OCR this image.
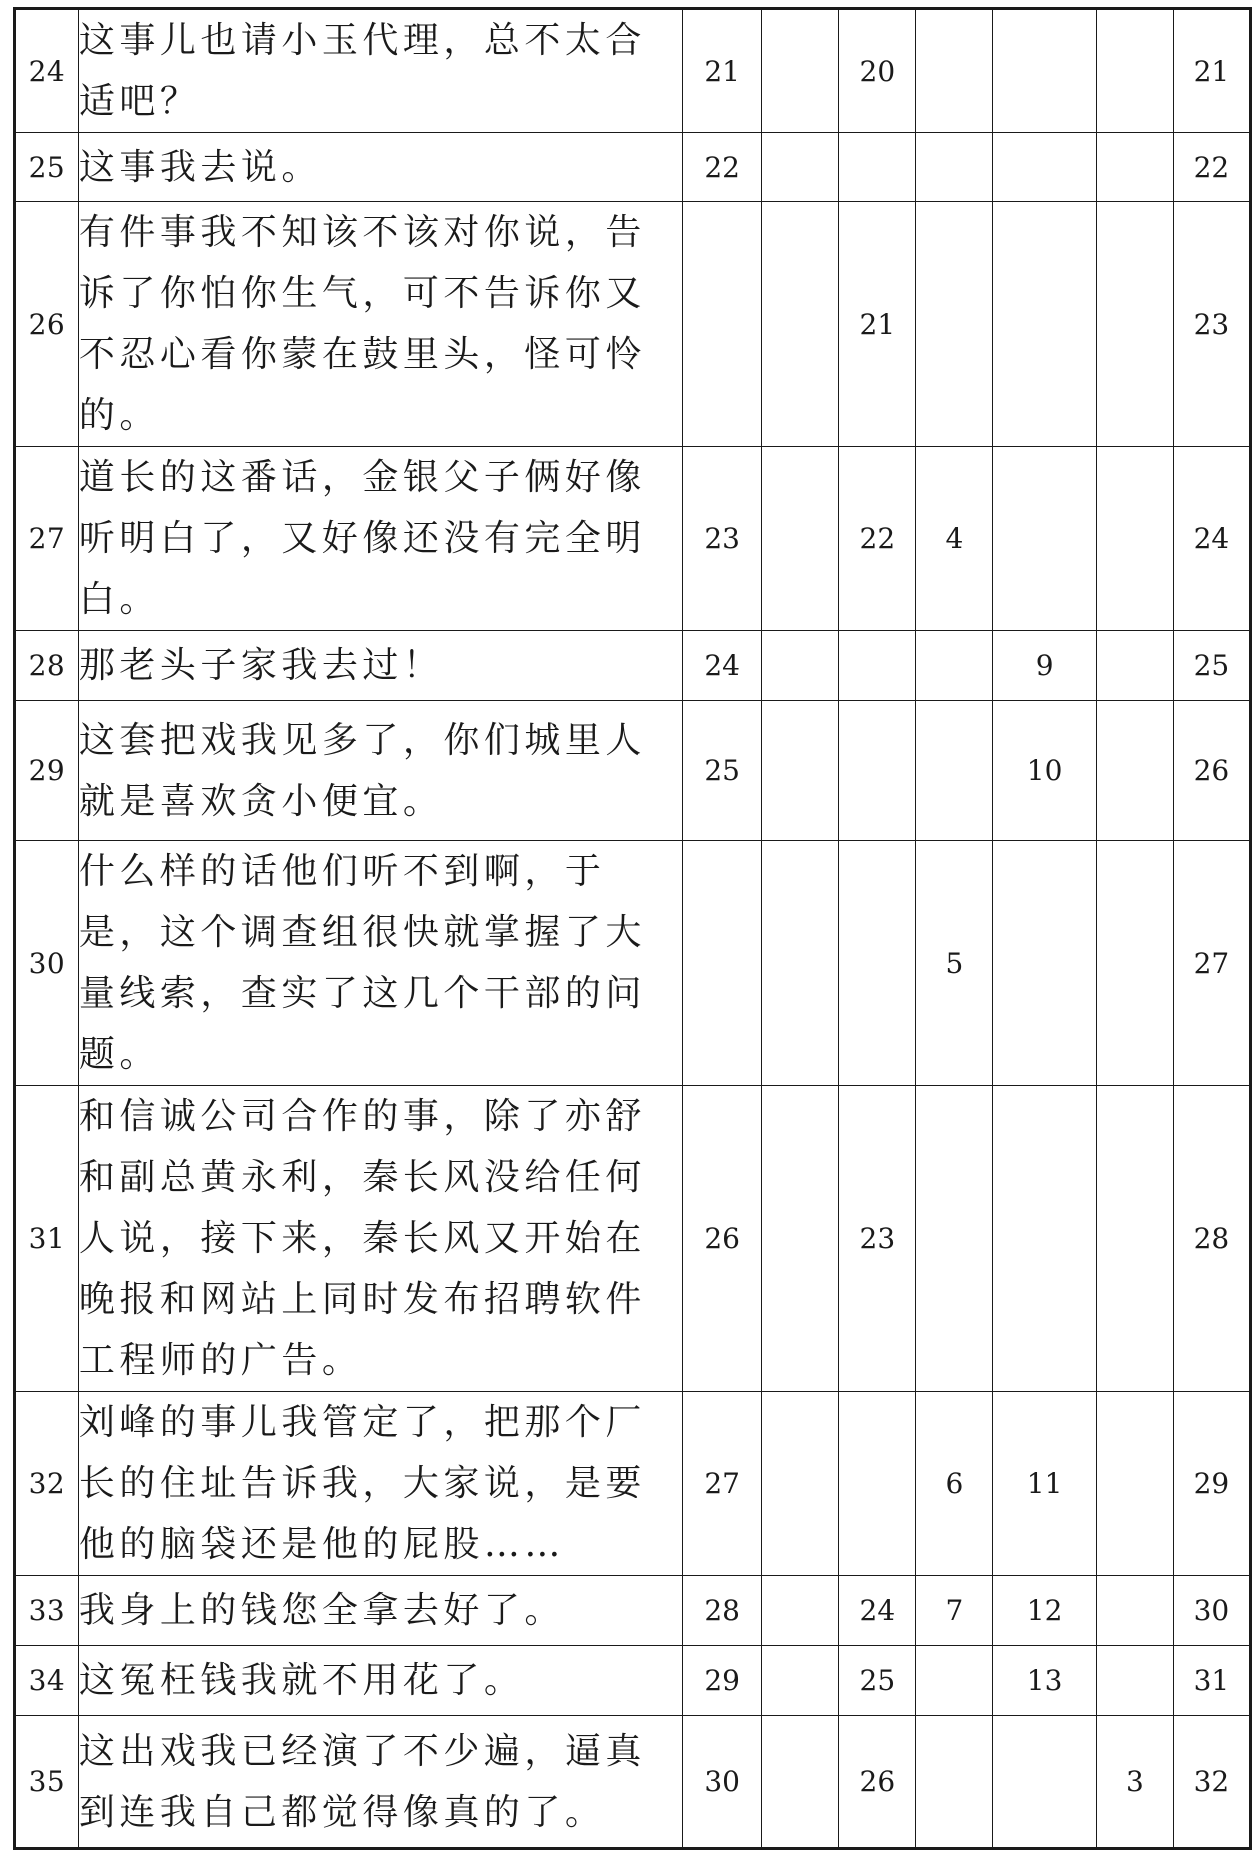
24	这事儿也请小玉代理，总不太合适吧？	21		20				21
25	这事我去说。	22						22
26	有件事我不知该不该对你说，告诉了你怕你生气，可不告诉你又不忍心看你蒙在鼓里头，怪可怜的。			21				23
27	道长的这番话，金银父子俩好像听明白了，又好像还没有完全明白。	23		22	4			24
28	那老头子家我去过！	24				9		25
29	这套把戏我见多了，你们城里人就是喜欢贪小便宜。	25				10		26
30	什么样的话他们听不到啊，于是，这个调查组很快就掌握了大量线索，查实了这几个干部的问题。				5			27
31	和信诚公司合作的事，除了亦舒和副总黄永利，秦长风没给任何人说，接下来，秦长风又开始在晚报和网站上同时发布招聘软件工程师的广告。	26		23				28
32	刘峰的事儿我管定了，把那个厂长的住址告诉我，大家说，是要他的脑袋还是他的屁股……	27			6	11		29
33	我身上的钱您全拿去好了。	28		24	7	12		30
34	这冤枉钱我就不用花了。	29		25		13		31
35	这出戏我已经演了不少遍，逼真到连我自己都觉得像真的了。	30		26			3	32
